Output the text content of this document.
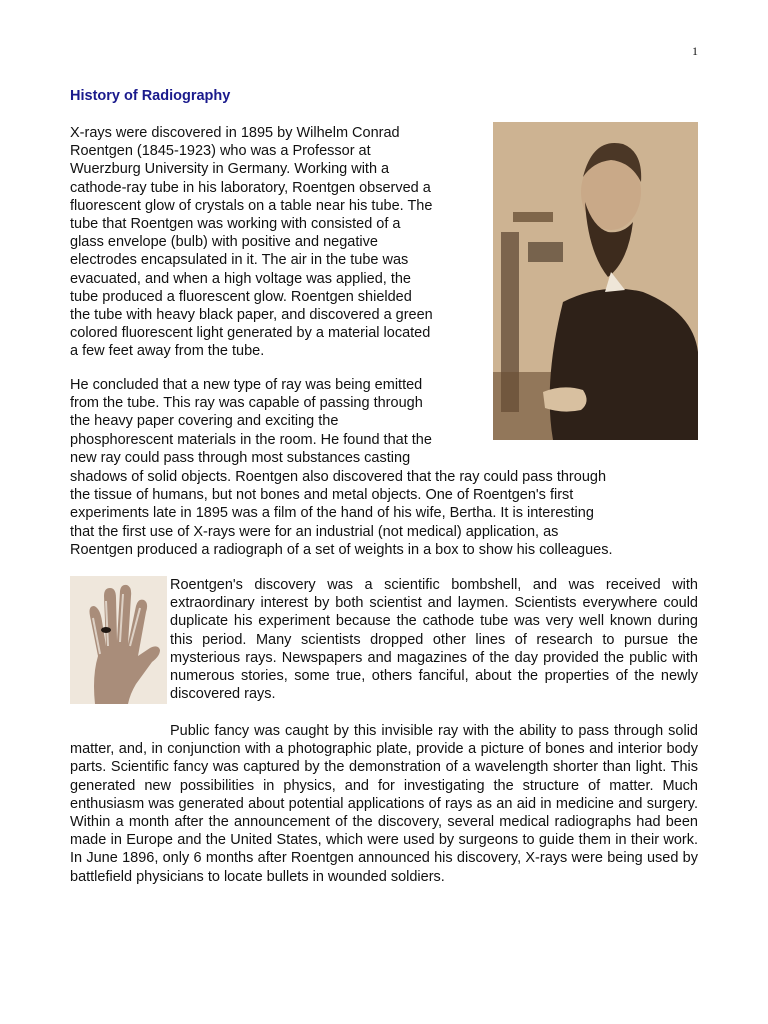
1
History of Radiography
X-rays were discovered in 1895 by Wilhelm Conrad
Roentgen (1845-1923) who was a Professor at
Wuerzburg University in Germany. Working with a
cathode-ray tube in his laboratory, Roentgen observed a
fluorescent glow of crystals on a table near his tube. The
tube that Roentgen was working with consisted of a
glass envelope (bulb) with positive and negative
electrodes encapsulated in it. The air in the tube was
evacuated, and when a high voltage was applied, the
tube produced a fluorescent glow. Roentgen shielded
the tube with heavy black paper, and discovered a green
colored fluorescent light generated by a material located
a few feet away from the tube.
He concluded that a new type of ray was being emitted
from the tube. This ray was capable of passing through
the heavy paper covering and exciting the
phosphorescent materials in the room. He found that the
new ray could pass through most substances casting
shadows of solid objects. Roentgen also discovered that the ray could pass through
the tissue of humans, but not bones and metal objects. One of Roentgen's first
experiments late in 1895 was a film of the hand of his wife, Bertha. It is interesting
that the first use of X-rays were for an industrial (not medical) application, as
Roentgen produced a radiograph of a set of weights in a box to show his colleagues.

Roentgen's discovery was a scientific bombshell, and was received with extraordinary interest by both scientist and laymen. Scientists everywhere could duplicate his experiment because the cathode tube was very well known during this period. Many scientists dropped other lines of research to pursue the mysterious rays. Newspapers and magazines of the day provided the public with numerous stories, some true, others fanciful, about the properties of the newly discovered rays.

Public fancy was caught by this invisible ray with the ability to pass through solid matter, and, in conjunction with a photographic plate, provide a picture of bones and interior body parts. Scientific fancy was captured by the demonstration of a wavelength shorter than light. This generated new possibilities in physics, and for investigating the structure of matter. Much enthusiasm was generated about potential applications of rays as an aid in medicine and surgery. Within a month after the announcement of the discovery, several medical radiographs had been made in Europe and the United States, which were used by surgeons to guide them in their work. In June 1896, only 6 months after Roentgen announced his discovery, X-rays were being used by battlefield physicians to locate bullets in wounded soldiers.
